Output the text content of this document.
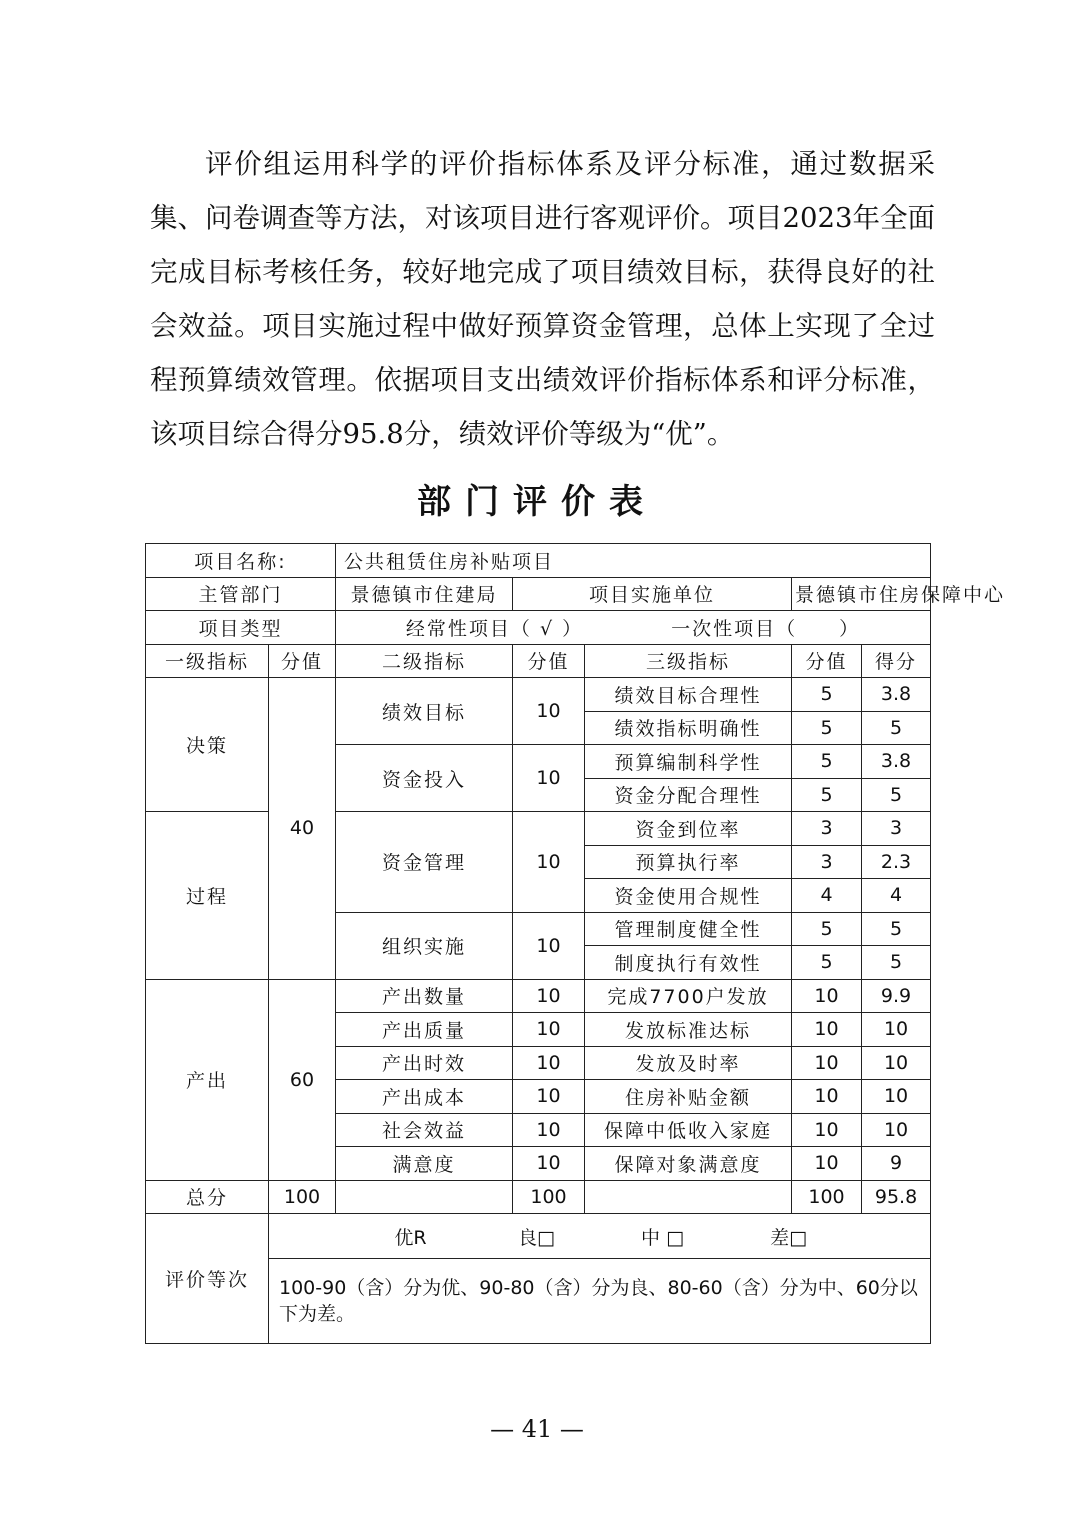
评价组运用科学的评价指标体系及评分标准，通过数据采集、问卷调查等方法，对该项目进行客观评价。项目2023年全面完成目标考核任务，较好地完成了项目绩效目标，获得良好的社会效益。项目实施过程中做好预算资金管理，总体上实现了全过程预算绩效管理。依据项目支出绩效评价指标体系和评分标准，该项目综合得分95.8分，绩效评价等级为“优”。

部门评价表
项目名称:		公共租赁住房补贴项目				
主管部门		景德镇市住建局	项目实施单位		景德镇市住房保障中心	
项目类型		经常性项目（ √ ） 一次性项目（　　）				
一级指标	分值	二级指标	分值	三级指标	分值	得分
决策	40	绩效目标	10	绩效目标合理性	5	3.8
				绩效指标明确性	5	5
		资金投入	10	预算编制科学性	5	3.8
				资金分配合理性	5	5
过程		资金管理	10	资金到位率	3	3
				预算执行率	3	2.3
				资金使用合规性	4	4
		组织实施	10	管理制度健全性	5	5
				制度执行有效性	5	5
产出	60	产出数量	10	完成7700户发放	10	9.9
		产出质量	10	发放标准达标	10	10
		产出时效	10	发放及时率	10	10
		产出成本	10	住房补贴金额	10	10
		社会效益	10	保障中低收入家庭	10	10
		满意度	10	保障对象满意度	10	9
总分	100		100		100	95.8
评价等次	优R 良□ 中 □ 差□					
	100-90（含）分为优、90-80（含）分为良、80-60（含）分为中、60分以下为差。					
— 41 —
